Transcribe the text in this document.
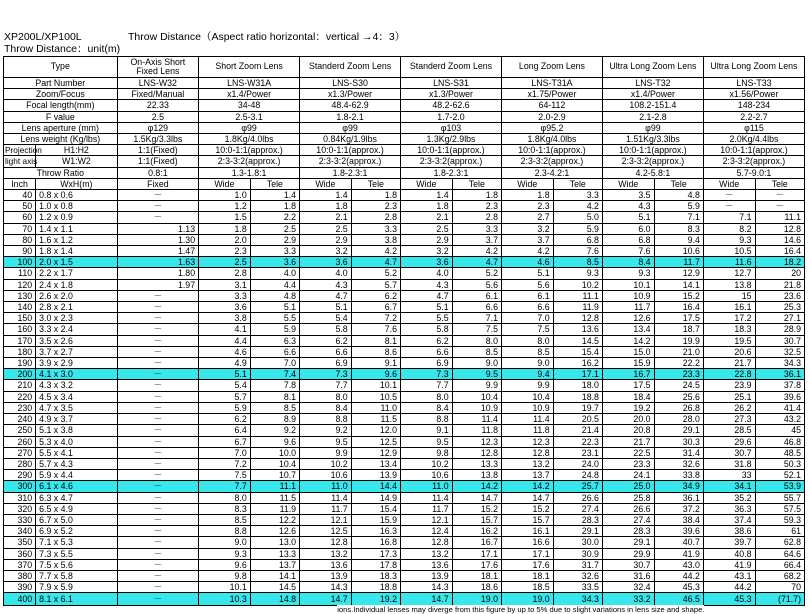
XP200L/XP100L
Throw Distance：unit(m)
Throw Distance（Aspect ratio horizontal：vertical →4：3）
Type		On-Axis Short Fixed Lens	Short Zoom Lens		Standerd Zoom Lens		Standerd Zoom Lens		Long Zoom Lens		Ultra Long Zoom Lens		Ultra Long Zoom Lens	
Part Number		LNS-W32	LNS-W31A		LNS-S30		LNS-S31		LNS-T31A		LNS-T32		LNS-T33	
Zoom/Focus		Fixed/Manual	x1.4/Power		x1.3/Power		x1.3/Power		x1.75/Power		x1.4/Power		x1.56/Power	
Focal length(mm)		22.33	34-48		48.4-62.9		48.2-62.6		64-112		108.2-151.4		148-234	
F value		2.5	2.5-3.1		1.8-2.1		1.7-2.0		2.0-2.9		2.1-2.8		2.2-2.7	
Lens aperture (mm)		φ129	φ99		φ99		φ103		φ95.2		φ99		φ115	
Lens weight (Kg/lbs)		1.5Kg/3.3lbs	1.8Kg/4.0lbs		0.84Kg/1.9lbs		1.3Kg/2.9lbs		1.8Kg/4.0lbs		1.51Kg/3.3lbs		2.0Kg/4.4lbs	
Projection	H1:H2	1:1(Fixed)	10:0-1:1(approx.)		10:0-1:1(approx.)		10:0-1:1(approx.)		10:0-1:1(approx.)		10:0-1:1(approx.)		10:0-1:1(approx.)	
light axis	W1:W2	1:1(Fixed)	2:3-3:2(approx.)		2:3-3:2(approx.)		2:3-3:2(approx.)		2:3-3:2(approx.)		2:3-3:2(approx.)		2:3-3:2(approx.)	
Throw Ratio		0.8:1	1.3-1.8:1		1.8-2.3:1		1.8-2.3:1		2.3-4.2:1		4.2-5.8:1		5.7-9.0:1	
Inch	WxH(m)	Fixed	Wide	Tele	Wide	Tele	Wide	Tele	Wide	Tele	Wide	Tele	Wide	Tele
40	0.8 x 0.6	－	1.0	1.4	1.4	1.8	1.4	1.8	1.8	3.3	3.5	4.8	－	－
50	1.0 x 0.8	－	1.2	1.8	1.8	2.3	1.8	2.3	2.3	4.2	4.3	5.9	－	－
60	1.2 x 0.9	－	1.5	2.2	2.1	2.8	2.1	2.8	2.7	5.0	5.1	7.1	7.1	11.1
70	1.4 x 1.1	1.13	1.8	2.5	2.5	3.3	2.5	3.3	3.2	5.9	6.0	8.3	8.2	12.8
80	1.6 x 1.2	1.30	2.0	2.9	2.9	3.8	2.9	3.7	3.7	6.8	6.8	9.4	9.3	14.6
90	1.8 x 1.4	1.47	2.3	3.3	3.2	4.2	3.2	4.2	4.2	7.6	7.6	10.6	10.5	16.4
100	2.0 x 1.5	1.63	2.5	3.6	3.6	4.7	3.6	4.7	4.6	8.5	8.4	11.7	11.6	18.2
110	2.2 x 1.7	1.80	2.8	4.0	4.0	5.2	4.0	5.2	5.1	9.3	9.3	12.9	12.7	20
120	2.4 x 1.8	1.97	3.1	4.4	4.3	5.7	4.3	5.6	5.6	10.2	10.1	14.1	13.8	21.8
130	2.6 x 2.0	－	3.3	4.8	4.7	6.2	4.7	6.1	6.1	11.1	10.9	15.2	15	23.6
140	2.8 x 2.1	－	3.6	5.1	5.1	6.7	5.1	6.6	6.6	11.9	11.7	16.4	16.1	25.3
150	3.0 x 2.3	－	3.8	5.5	5.4	7.2	5.5	7.1	7.0	12.8	12.6	17.5	17.2	27.1
160	3.3 x 2.4	－	4.1	5.9	5.8	7.6	5.8	7.5	7.5	13.6	13.4	18.7	18.3	28.9
170	3.5 x 2.6	－	4.4	6.3	6.2	8.1	6.2	8.0	8.0	14.5	14.2	19.9	19.5	30.7
180	3.7 x 2.7	－	4.6	6.6	6.6	8.6	6.6	8.5	8.5	15.4	15.0	21.0	20.6	32.5
190	3.9 x 2.9	－	4.9	7.0	6.9	9.1	6.9	9.0	9.0	16.2	15.9	22.2	21.7	34.3
200	4.1 x 3.0	－	5.1	7.4	7.3	9.6	7.3	9.5	9.4	17.1	16.7	23.3	22.8	36.1
210	4.3 x 3.2	－	5.4	7.8	7.7	10.1	7.7	9.9	9.9	18.0	17.5	24.5	23.9	37.8
220	4.5 x 3.4	－	5.7	8.1	8.0	10.5	8.0	10.4	10.4	18.8	18.4	25.6	25.1	39.6
230	4.7 x 3.5	－	5.9	8.5	8.4	11.0	8.4	10.9	10.9	19.7	19.2	26.8	26.2	41.4
240	4.9 x 3.7	－	6.2	8.9	8.8	11.5	8.8	11.4	11.4	20.5	20.0	28.0	27.3	43.2
250	5.1 x 3.8	－	6.4	9.2	9.2	12.0	9.1	11.8	11.8	21.4	20.8	29.1	28.5	45
260	5.3 x 4.0	－	6.7	9.6	9.5	12.5	9.5	12.3	12.3	22.3	21.7	30.3	29.6	46.8
270	5.5 x 4.1	－	7.0	10.0	9.9	12.9	9.8	12.8	12.8	23.1	22.5	31.4	30.7	48.5
280	5.7 x 4.3	－	7.2	10.4	10.2	13.4	10.2	13.3	13.2	24.0	23.3	32.6	31.8	50.3
290	5.9 x 4.4	－	7.5	10.7	10.6	13.9	10.6	13.8	13.7	24.8	24.1	33.8	33	52.1
300	6.1 x 4.6	－	7.7	11.1	11.0	14.4	11.0	14.2	14.2	25.7	25.0	34.9	34.1	53.9
310	6.3 x 4.7	－	8.0	11.5	11.4	14.9	11.4	14.7	14.7	26.6	25.8	36.1	35.2	55.7
320	6.5 x 4.9	－	8.3	11.9	11.7	15.4	11.7	15.2	15.2	27.4	26.6	37.2	36.3	57.5
330	6.7 x 5.0	－	8.5	12.2	12.1	15.9	12.1	15.7	15.7	28.3	27.4	38.4	37.4	59.3
340	6.9 x 5.2	－	8.8	12.6	12.5	16.3	12.4	16.2	16.1	29.1	28.3	39.6	38.6	61
350	7.1 x 5.3	－	9.0	13.0	12.8	16.8	12.8	16.7	16.6	30.0	29.1	40.7	39.7	62.8
360	7.3 x 5.5	－	9.3	13.3	13.2	17.3	13.2	17.1	17.1	30.9	29.9	41.9	40.8	64.6
370	7.5 x 5.6	－	9.6	13.7	13.6	17.8	13.6	17.6	17.6	31.7	30.7	43.0	41.9	66.4
380	7.7 x 5.8	－	9.8	14.1	13.9	18.3	13.9	18.1	18.1	32.6	31.6	44.2	43.1	68.2
390	7.9 x 5.9	－	10.1	14.5	14.3	18.8	14.3	18.6	18.5	33.5	32.4	45.3	44.2	70
400	8.1 x 6.1	－	10.3	14.8	14.7	19.2	14.7	19.0	19.0	34.3	33.2	46.5	45.3	(71.7)
ions.Individual lenses may diverge from this figure by up to 5% due to slight variations in lens size and shape.
